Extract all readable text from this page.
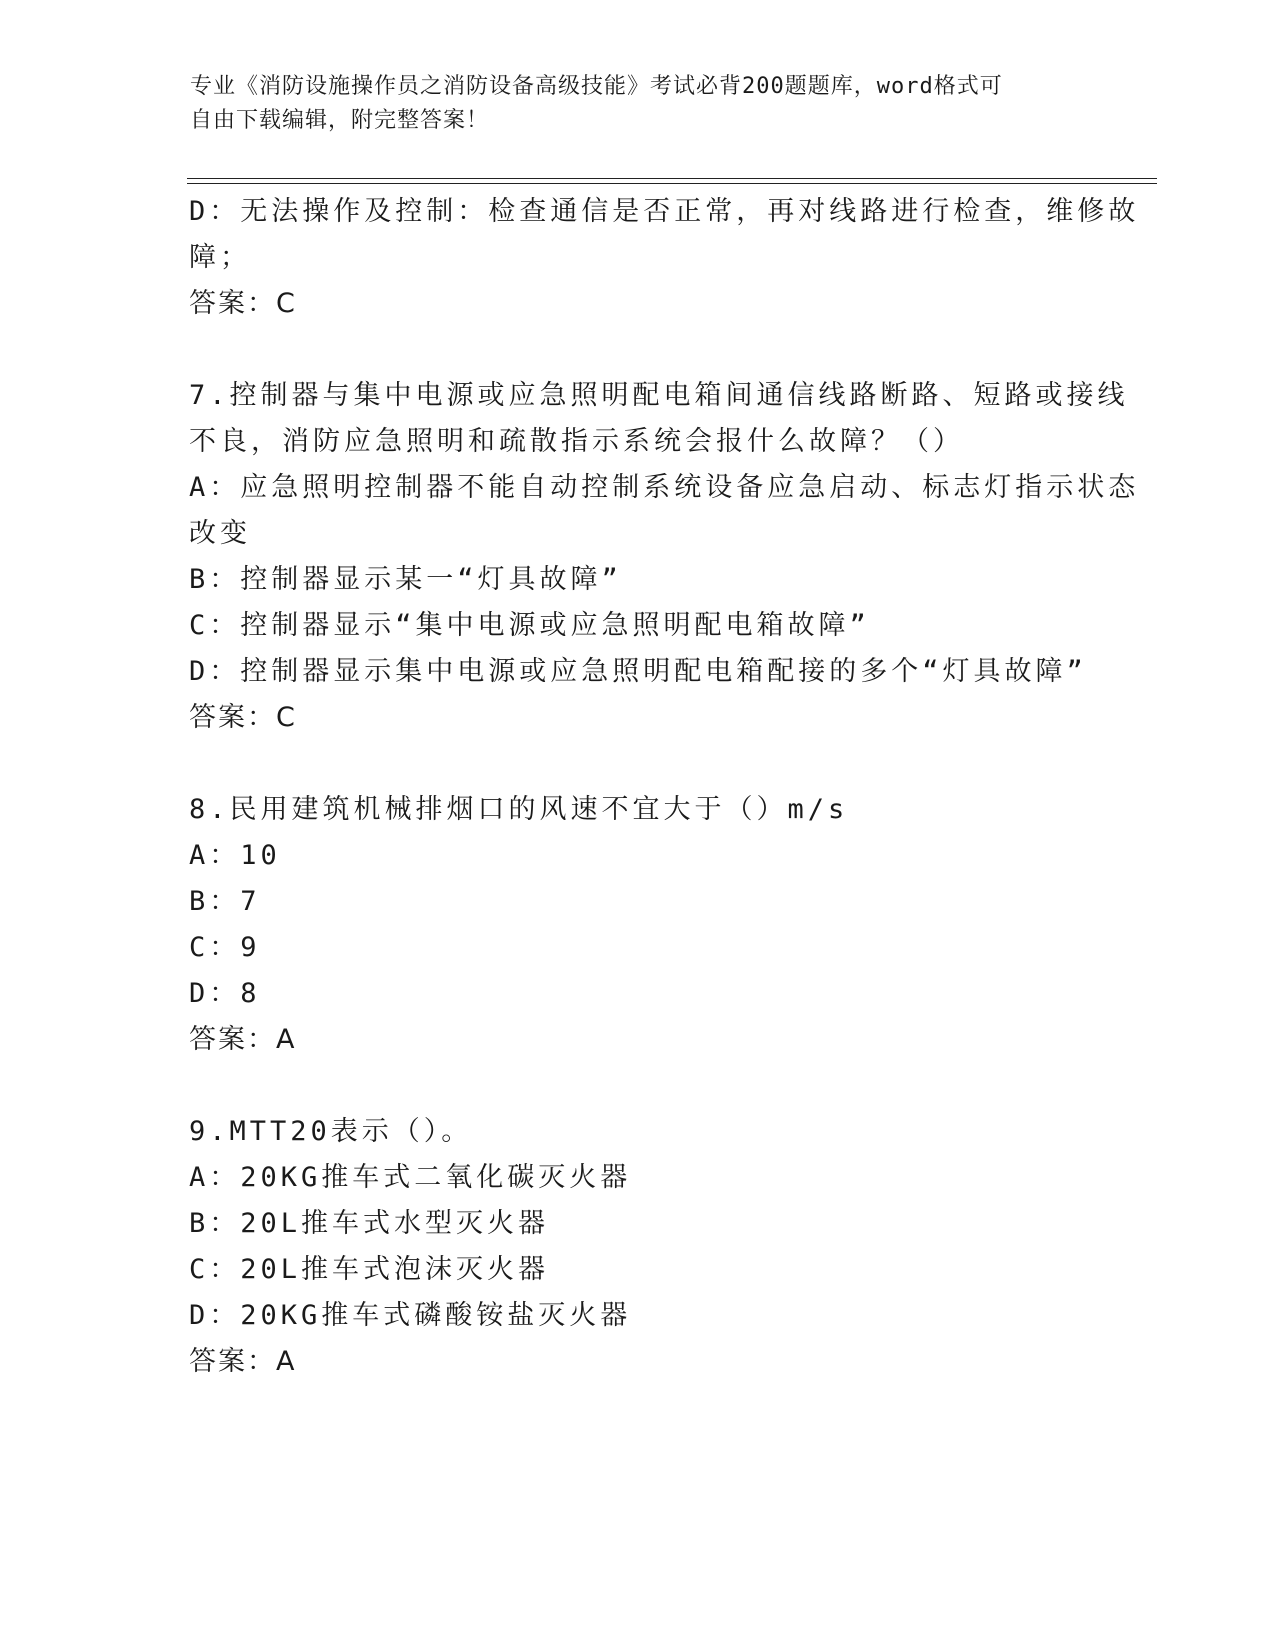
专业《消防设施操作员之消防设备高级技能》考试必背200题题库，word格式可
自由下载编辑，附完整答案！
D：无法操作及控制：检查通信是否正常，再对线路进行检查，维修故
障；
答案：C
7.控制器与集中电源或应急照明配电箱间通信线路断路、短路或接线
不良，消防应急照明和疏散指示系统会报什么故障？（）
A：应急照明控制器不能自动控制系统设备应急启动、标志灯指示状态
改变
B：控制器显示某一“灯具故障”
C：控制器显示“集中电源或应急照明配电箱故障”
D：控制器显示集中电源或应急照明配电箱配接的多个“灯具故障”
答案：C
8.民用建筑机械排烟口的风速不宜大于（）m/s
A：10
B：7
C：9
D：8
答案：A
9.MTT20表示（）。
A：20KG推车式二氧化碳灭火器
B：20L推车式水型灭火器
C：20L推车式泡沫灭火器
D：20KG推车式磷酸铵盐灭火器
答案：A
